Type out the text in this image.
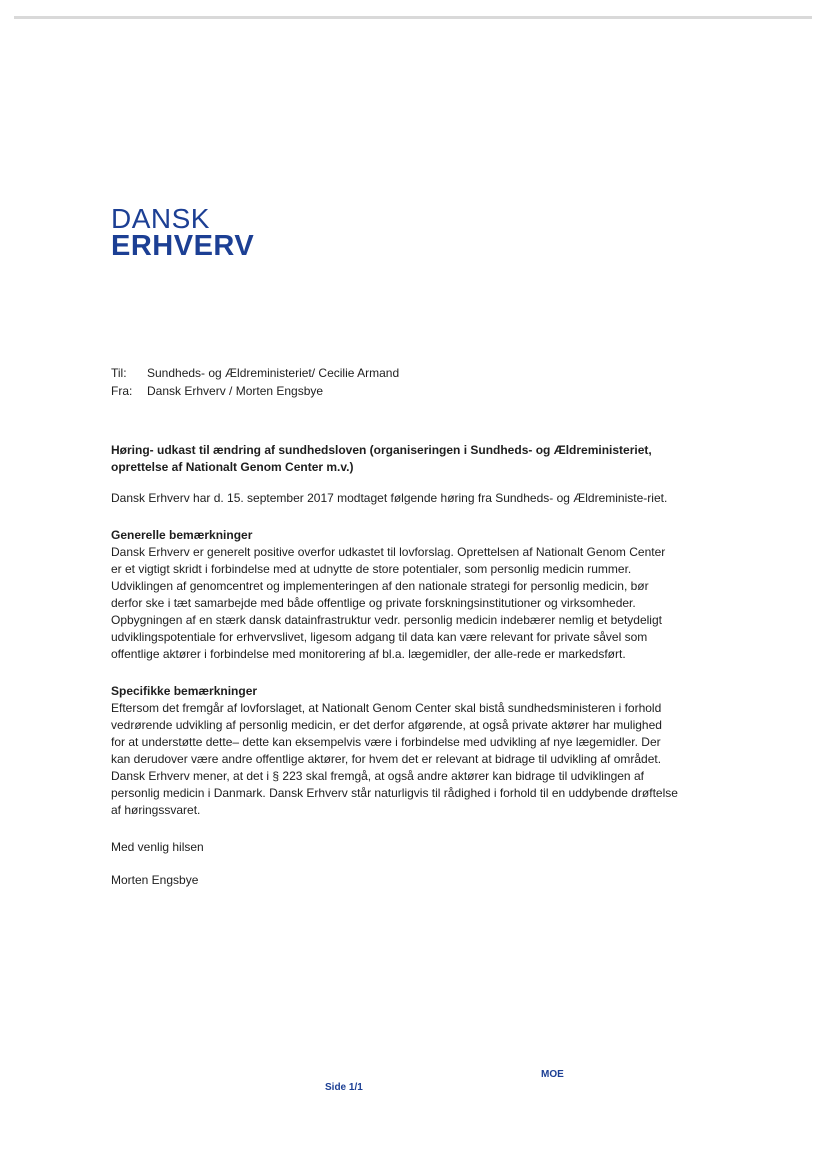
DANSK
ERHVERV
Til: Sundheds- og Ældreministeriet/ Cecilie Armand
Fra: Dansk Erhverv / Morten Engsbye

Høring- udkast til ændring af sundhedsloven (organiseringen i Sundheds- og Ældreministeriet, oprettelse af Nationalt Genom Center m.v.)

Dansk Erhverv har d. 15. september 2017 modtaget følgende høring fra Sundheds- og Ældreministe-riet.

Generelle bemærkninger

Dansk Erhverv er generelt positive overfor udkastet til lovforslag. Oprettelsen af Nationalt Genom Center er et vigtigt skridt i forbindelse med at udnytte de store potentialer, som personlig medicin rummer. Udviklingen af genomcentret og implementeringen af den nationale strategi for personlig medicin, bør derfor ske i tæt samarbejde med både offentlige og private forskningsinstitutioner og virksomheder. Opbygningen af en stærk dansk datainfrastruktur vedr. personlig medicin indebærer nemlig et betydeligt udviklingspotentiale for erhvervslivet, ligesom adgang til data kan være relevant for private såvel som offentlige aktører i forbindelse med monitorering af bl.a. lægemidler, der alle-rede er markedsført.

Specifikke bemærkninger

Eftersom det fremgår af lovforslaget, at Nationalt Genom Center skal bistå sundhedsministeren i forhold vedrørende udvikling af personlig medicin, er det derfor afgørende, at også private aktører har mulighed for at understøtte dette– dette kan eksempelvis være i forbindelse med udvikling af nye lægemidler. Der kan derudover være andre offentlige aktører, for hvem det er relevant at bidrage til udvikling af området. Dansk Erhverv mener, at det i § 223 skal fremgå, at også andre aktører kan bidrage til udviklingen af personlig medicin i Danmark. Dansk Erhverv står naturligvis til rådighed i forhold til en uddybende drøftelse af høringssvaret.

Med venlig hilsen

Morten Engsbye

MOE
Side 1/1
